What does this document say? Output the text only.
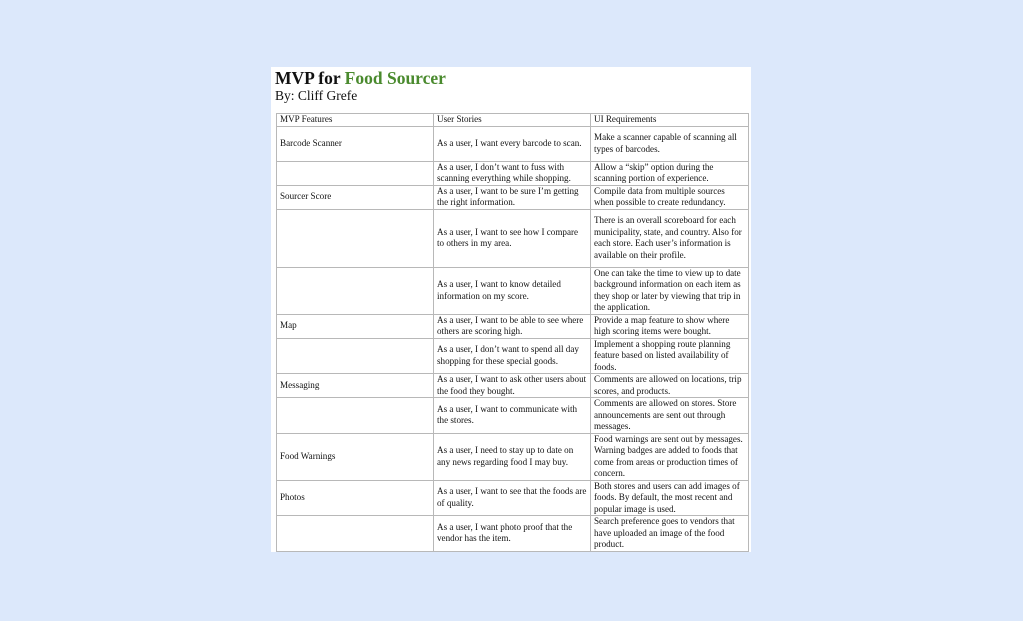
MVP for Food Sourcer

By: Cliff Grefe

MVP Features	User Stories	UI Requirements
Barcode Scanner	As a user, I want every barcode to scan.	Make a scanner capable of scanning all types of barcodes.
	As a user, I don’t want to fuss with scanning everything while shopping.	Allow a “skip” option during the scanning portion of experience.
Sourcer Score	As a user, I want to be sure I’m getting the right information.	Compile data from multiple sources when possible to create redundancy.
	As a user, I want to see how I compare to others in my area.	There is an overall scoreboard for each municipality, state, and country. Also for each store. Each user’s information is available on their profile.
	As a user, I want to know detailed information on my score.	One can take the time to view up to date background information on each item as they shop or later by viewing that trip in the application.
Map	As a user, I want to be able to see where others are scoring high.	Provide a map feature to show where high scoring items were bought.
	As a user, I don’t want to spend all day shopping for these special goods.	Implement a shopping route planning feature based on listed availability of foods.
Messaging	As a user, I want to ask other users about the food they bought.	Comments are allowed on locations, trip scores, and products.
	As a user, I want to communicate with the stores.	Comments are allowed on stores. Store announcements are sent out through messages.
Food Warnings	As a user, I need to stay up to date on any news regarding food I may buy.	Food warnings are sent out by messages. Warning badges are added to foods that come from areas or production times of concern.
Photos	As a user, I want to see that the foods are of quality.	Both stores and users can add images of foods. By default, the most recent and popular image is used.
	As a user, I want photo proof that the vendor has the item.	Search preference goes to vendors that have uploaded an image of the food product.
